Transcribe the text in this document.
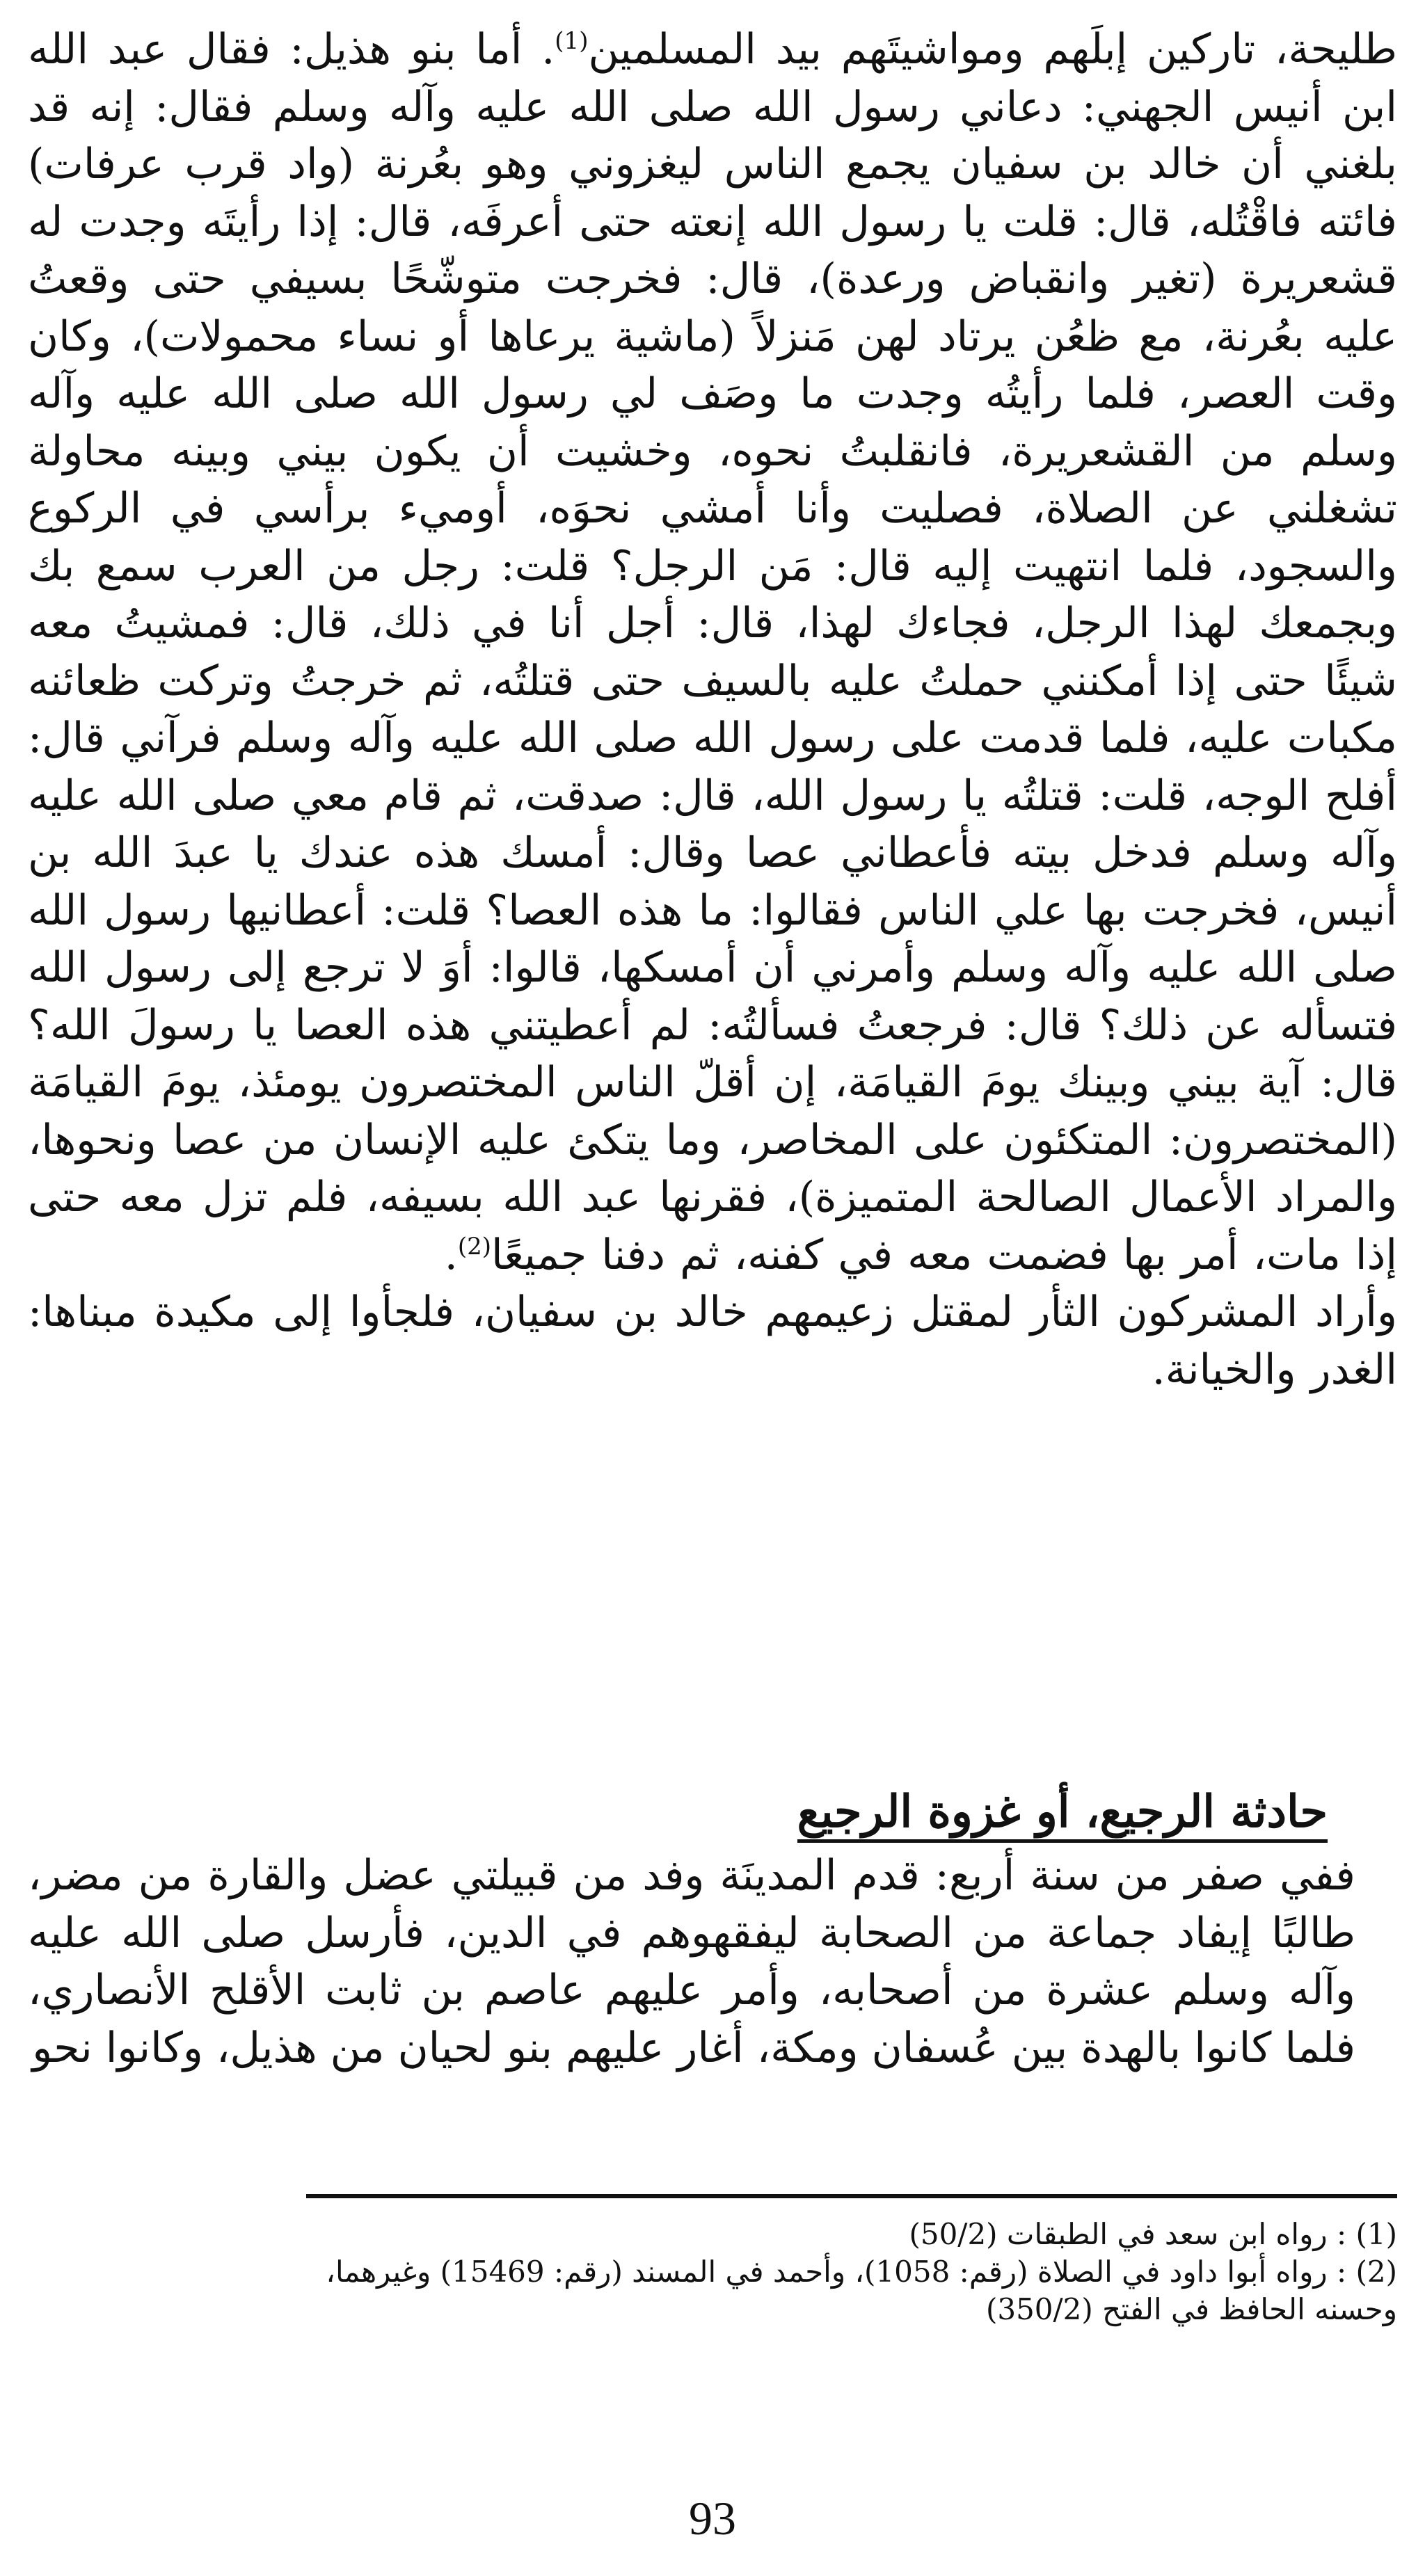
طليحة، تاركين إبلَهم ومواشيتَهم بيد المسلمين$^{(1)}$. أما بنو هذيل: فقال عبد الله ابن أنيس الجهني: دعاني رسول الله صلى الله عليه وآله وسلم فقال: إنه قد بلغني أن خالد بن سفيان يجمع الناس ليغزوني وهو بعُرنة (واد قرب عرفات) فائته فاقْتُله، قال: قلت يا رسول الله إنعته حتى أعرفَه، قال: إذا رأيتَه وجدت له قشعريرة (تغير وانقباض ورعدة)، قال: فخرجت متوشّحًا بسيفي حتى وقعتُ عليه بعُرنة، مع ظعُن يرتاد لهن مَنزلاً (ماشية يرعاها أو نساء محمولات)، وكان وقت العصر، فلما رأيتُه وجدت ما وصَف لي رسول الله صلى الله عليه وآله وسلم من القشعريرة، فانقلبتُ نحوه، وخشيت أن يكون بيني وبينه محاولة تشغلني عن الصلاة، فصليت وأنا أمشي نحوَه، أوميء برأسي في الركوع والسجود، فلما انتهيت إليه قال: مَن الرجل؟ قلت: رجل من العرب سمع بك وبجمعك لهذا الرجل، فجاءك لهذا، قال: أجل أنا في ذلك، قال: فمشيتُ معه شيئًا حتى إذا أمكنني حملتُ عليه بالسيف حتى قتلتُه، ثم خرجتُ وتركت ظعائنه مكبات عليه، فلما قدمت على رسول الله صلى الله عليه وآله وسلم فرآني قال: أفلح الوجه، قلت: قتلتُه يا رسول الله، قال: صدقت، ثم قام معي صلى الله عليه وآله وسلم فدخل بيته فأعطاني عصا وقال: أمسك هذه عندك يا عبدَ الله بن أنيس، فخرجت بها علي الناس فقالوا: ما هذه العصا؟ قلت: أعطانيها رسول الله صلى الله عليه وآله وسلم وأمرني أن أمسكها، قالوا: أوَ لا ترجع إلى رسول الله فتسأله عن ذلك؟ قال: فرجعتُ فسألتُه: لم أعطيتني هذه العصا يا رسولَ الله؟ قال: آية بيني وبينك يومَ القيامَة، إن أقلّ الناس المختصرون يومئذ، يومَ القيامَة (المختصرون: المتكئون على المخاصر، وما يتكئ عليه الإنسان من عصا ونحوها، والمراد الأعمال الصالحة المتميزة)، فقرنها عبد الله بسيفه، فلم تزل معه حتى إذا مات، أمر بها فضمت معه في كفنه، ثم دفنا جميعًا$^{(2)}$.

وأراد المشركون الثأر لمقتل زعيمهم خالد بن سفيان، فلجأوا إلى مكيدة مبناها: الغدر والخيانة.

حادثة الرجيع، أو غزوة الرجيع

ففي صفر من سنة أربع: قدم المدينَة وفد من قبيلتي عضل والقارة من مضر، طالبًا إيفاد جماعة من الصحابة ليفقهوهم في الدين، فأرسل صلى الله عليه وآله وسلم عشرة من أصحابه، وأمر عليهم عاصم بن ثابت الأقلح الأنصاري، فلما كانوا بالهدة بين عُسفان ومكة، أغار عليهم بنو لحيان من هذيل، وكانوا نحو

(1) : رواه ابن سعد في الطبقات (50/2)

(2) : رواه أبوا داود في الصلاة (رقم: 1058)، وأحمد في المسند (رقم: 15469) وغيرهما،

وحسنه الحافظ في الفتح (350/2)

93
